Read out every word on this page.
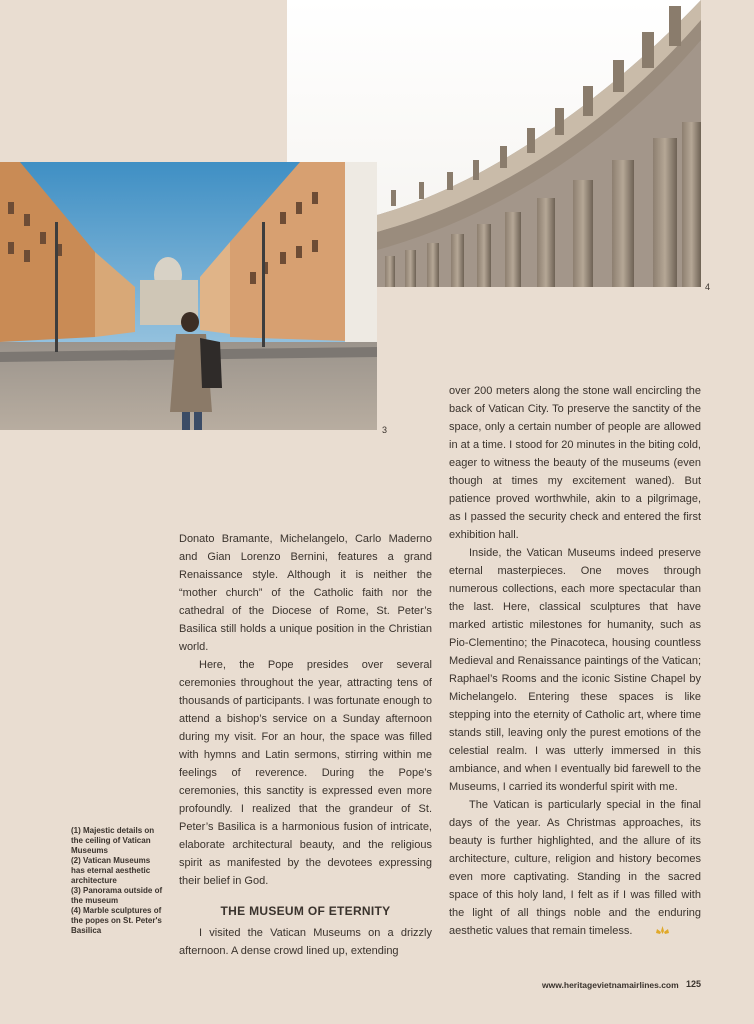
4
3

Donato Bramante, Michelangelo, Carlo Maderno and Gian Lorenzo Bernini, features a grand Renaissance style. Although it is neither the “mother church” of the Catholic faith nor the cathedral of the Diocese of Rome, St. Peter’s Basilica still holds a unique position in the Christian world.

Here, the Pope presides over several ceremonies throughout the year, attracting tens of thousands of participants. I was fortunate enough to attend a bishop’s service on a Sunday afternoon during my visit. For an hour, the space was filled with hymns and Latin sermons, stirring within me feelings of reverence. During the Pope’s ceremonies, this sanctity is expressed even more profoundly. I realized that the grandeur of St. Peter’s Basilica is a harmonious fusion of intricate, elaborate architectural beauty, and the religious spirit as manifested by the devotees expressing their belief in God.

THE MUSEUM OF ETERNITY

I visited the Vatican Museums on a drizzly afternoon. A dense crowd lined up, extending

over 200 meters along the stone wall encircling the back of Vatican City. To preserve the sanctity of the space, only a certain number of people are allowed in at a time. I stood for 20 minutes in the biting cold, eager to witness the beauty of the museums (even though at times my excitement waned). But patience proved worthwhile, akin to a pilgrimage, as I passed the security check and entered the first exhibition hall.

Inside, the Vatican Museums indeed preserve eternal masterpieces. One moves through numerous collections, each more spectacular than the last. Here, classical sculptures that have marked artistic milestones for humanity, such as Pio-Clementino; the Pinacoteca, housing countless Medieval and Renaissance paintings of the Vatican; Raphael’s Rooms and the iconic Sistine Chapel by Michelangelo. Entering these spaces is like stepping into the eternity of Catholic art, where time stands still, leaving only the purest emotions of the celestial realm. I was utterly immersed in this ambiance, and when I eventually bid farewell to the Museums, I carried its wonderful spirit with me.

The Vatican is particularly special in the final days of the year. As Christmas approaches, its beauty is further highlighted, and the allure of its architecture, culture, religion and history becomes even more captivating. Standing in the sacred space of this holy land, I felt as if I was filled with the light of all things noble and the enduring aesthetic values that remain timeless.

(1) Majestic details on the ceiling of Vatican Museums
(2) Vatican Museums has eternal aesthetic architecture
(3) Panorama outside of the museum
(4) Marble sculptures of the popes on St. Peter's Basilica
www.heritagevietnamairlines.com 125
